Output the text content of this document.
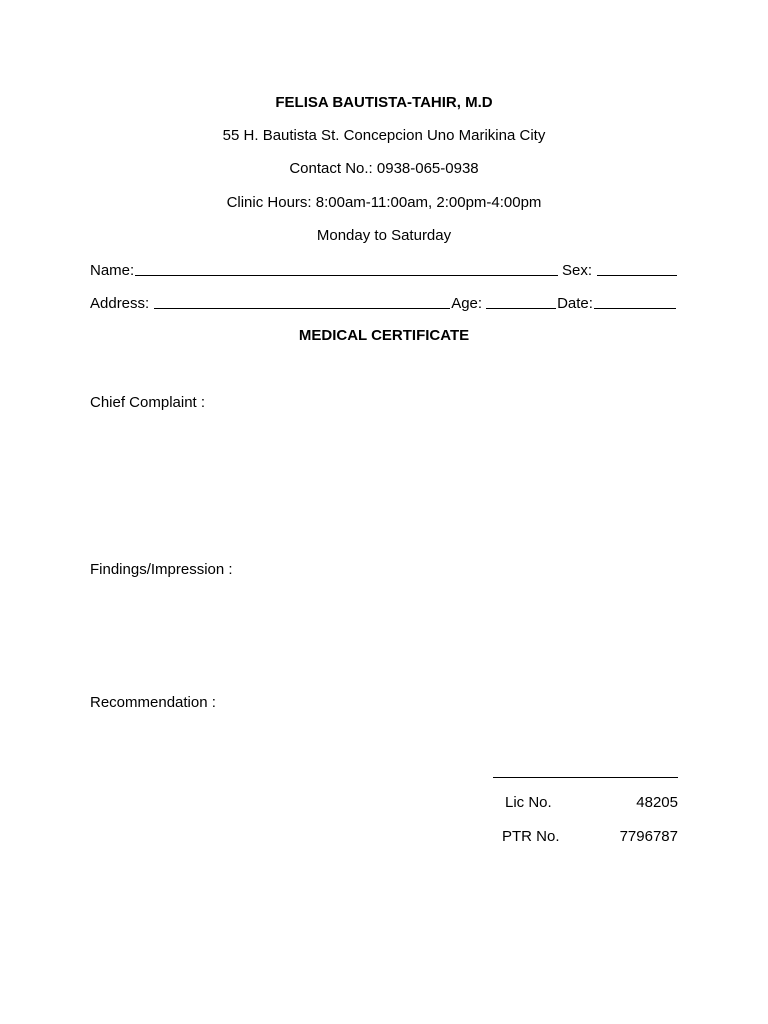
FELISA BAUTISTA-TAHIR, M.D
55 H. Bautista St. Concepcion Uno Marikina City
Contact No.: 0938-065-0938
Clinic Hours: 8:00am-11:00am, 2:00pm-4:00pm
Monday to Saturday
Name:	Sex:
Address:	Age:	Date:
MEDICAL CERTIFICATE
Chief Complaint :
Findings/Impression :
Recommendation :
Lic No.	48205
PTR No.	7796787
